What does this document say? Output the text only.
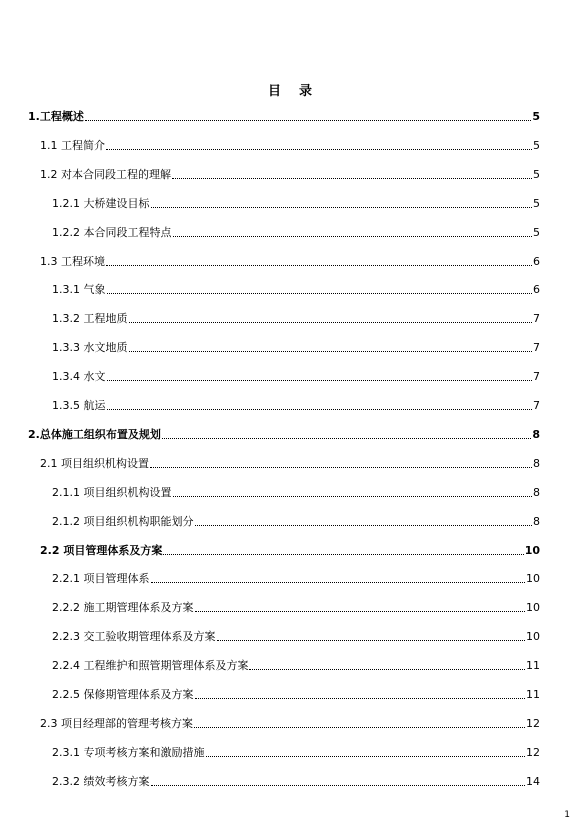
目 录
1.工程概述	5
1.1 工程简介	5
1.2 对本合同段工程的理解	5
1.2.1 大桥建设目标	5
1.2.2 本合同段工程特点	5
1.3 工程环境	6
1.3.1 气象	6
1.3.2 工程地质	7
1.3.3 水文地质	7
1.3.4 水文	7
1.3.5 航运	7
2.总体施工组织布置及规划	8
2.1 项目组织机构设置	8
2.1.1 项目组织机构设置	8
2.1.2 项目组织机构职能划分	8
2.2 项目管理体系及方案	10
2.2.1 项目管理体系	10
2.2.2 施工期管理体系及方案	10
2.2.3 交工验收期管理体系及方案	10
2.2.4 工程维护和照管期管理体系及方案	11
2.2.5 保修期管理体系及方案	11
2.3 项目经理部的管理考核方案	12
2.3.1 专项考核方案和激励措施	12
2.3.2 绩效考核方案	14
1
